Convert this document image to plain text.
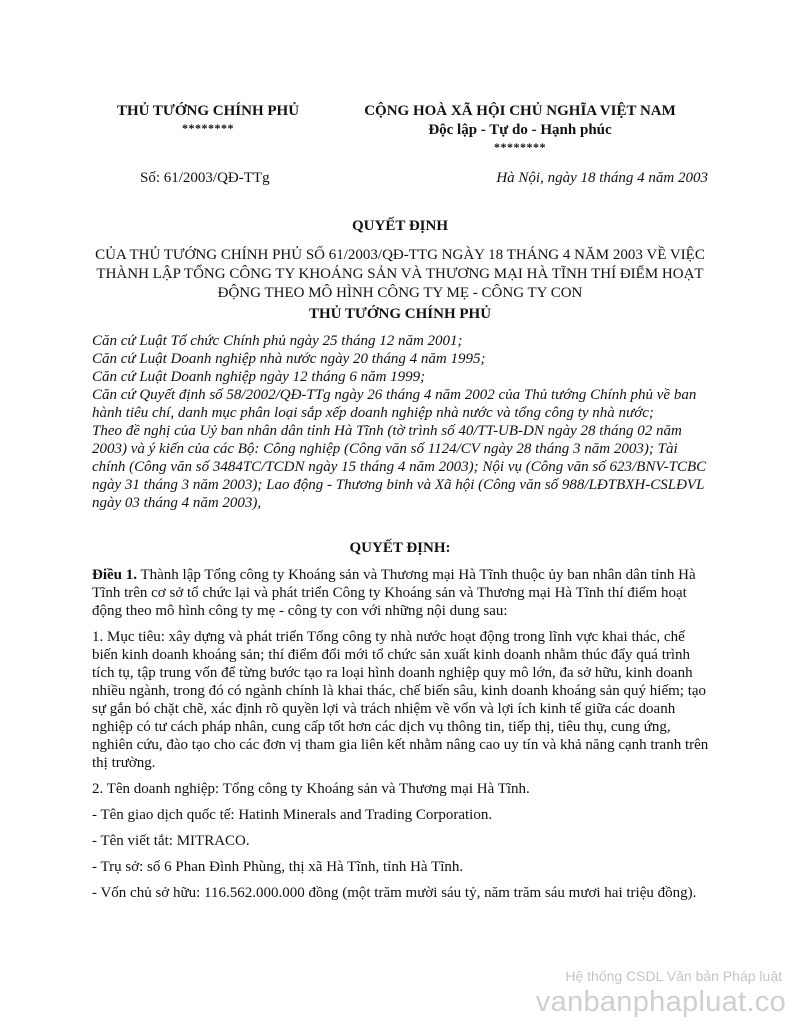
THỦ TƯỚNG CHÍNH PHỦ
********
CỘNG HOÀ XÃ HỘI CHỦ NGHĨA VIỆT NAM
Độc lập - Tự do - Hạnh phúc
********
Số: 61/2003/QĐ-TTg	Hà Nội, ngày 18 tháng 4 năm 2003
QUYẾT ĐỊNH
CỦA THỦ TƯỚNG CHÍNH PHỦ SỐ 61/2003/QĐ-TTG NGÀY 18 THÁNG 4 NĂM 2003 VỀ VIỆC THÀNH LẬP TỔNG CÔNG TY KHOÁNG SẢN VÀ THƯƠNG MẠI HÀ TĨNH THÍ ĐIỂM HOẠT ĐỘNG THEO MÔ HÌNH CÔNG TY MẸ - CÔNG TY CON
THỦ TƯỚNG CHÍNH PHỦ

Căn cứ Luật Tổ chức Chính phủ ngày 25 tháng 12 năm 2001;

Căn cứ Luật Doanh nghiệp nhà nước ngày 20 tháng 4 năm 1995;

Căn cứ Luật Doanh nghiệp ngày 12 tháng 6 năm 1999;

Căn cứ Quyết định số 58/2002/QĐ-TTg ngày 26 tháng 4 năm 2002 của Thủ tướng Chính phủ về ban hành tiêu chí, danh mục phân loại sắp xếp doanh nghiệp nhà nước và tổng công ty nhà nước;

Theo đề nghị của Uỷ ban nhân dân tỉnh Hà Tĩnh (tờ trình số 40/TT-UB-DN ngày 28 tháng 02 năm 2003) và ý kiến của các Bộ: Công nghiệp (Công văn số 1124/CV ngày 28 tháng 3 năm 2003); Tài chính (Công văn số 3484TC/TCDN ngày 15 tháng 4 năm 2003); Nội vụ (Công văn số 623/BNV-TCBC ngày 31 tháng 3 năm 2003); Lao động - Thương binh và Xã hội (Công văn số 988/LĐTBXH-CSLĐVL ngày 03 tháng 4 năm 2003),

QUYẾT ĐỊNH:

Điều 1. Thành lập Tổng công ty Khoáng sản và Thương mại Hà Tĩnh thuộc ủy ban nhân dân tỉnh Hà Tĩnh trên cơ sở tổ chức lại và phát triển Công ty Khoáng sản và Thương mại Hà Tĩnh thí điểm hoạt động theo mô hình công ty mẹ - công ty con với những nội dung sau:

1. Mục tiêu: xây dựng và phát triển Tổng công ty nhà nước hoạt động trong lĩnh vực khai thác, chế biến kinh doanh khoáng sản; thí điểm đổi mới tổ chức sản xuất kinh doanh nhằm thúc đẩy quá trình tích tụ, tập trung vốn để từng bước tạo ra loại hình doanh nghiệp quy mô lớn, đa sở hữu, kinh doanh nhiều ngành, trong đó có ngành chính là khai thác, chế biến sâu, kinh doanh khoáng sản quý hiếm; tạo sự gắn bó chặt chẽ, xác định rõ quyền lợi và trách nhiệm về vốn và lợi ích kinh tế giữa các doanh nghiệp có tư cách pháp nhân, cung cấp tốt hơn các dịch vụ thông tin, tiếp thị, tiêu thụ, cung ứng, nghiên cứu, đào tạo cho các đơn vị tham gia liên kết nhằm nâng cao uy tín và khả năng cạnh tranh trên thị trường.

2. Tên doanh nghiệp: Tổng công ty Khoáng sản và Thương mại Hà Tĩnh.

- Tên giao dịch quốc tế: Hatinh Minerals and Trading Corporation.

- Tên viết tắt: MITRACO.

- Trụ sở: số 6 Phan Đình Phùng, thị xã Hà Tĩnh, tỉnh Hà Tĩnh.

- Vốn chủ sở hữu: 116.562.000.000 đồng (một trăm mười sáu tỷ, năm trăm sáu mươi hai triệu đồng).

Hệ thống CSDL Văn bản Pháp luật
vanbanphapluat.co
